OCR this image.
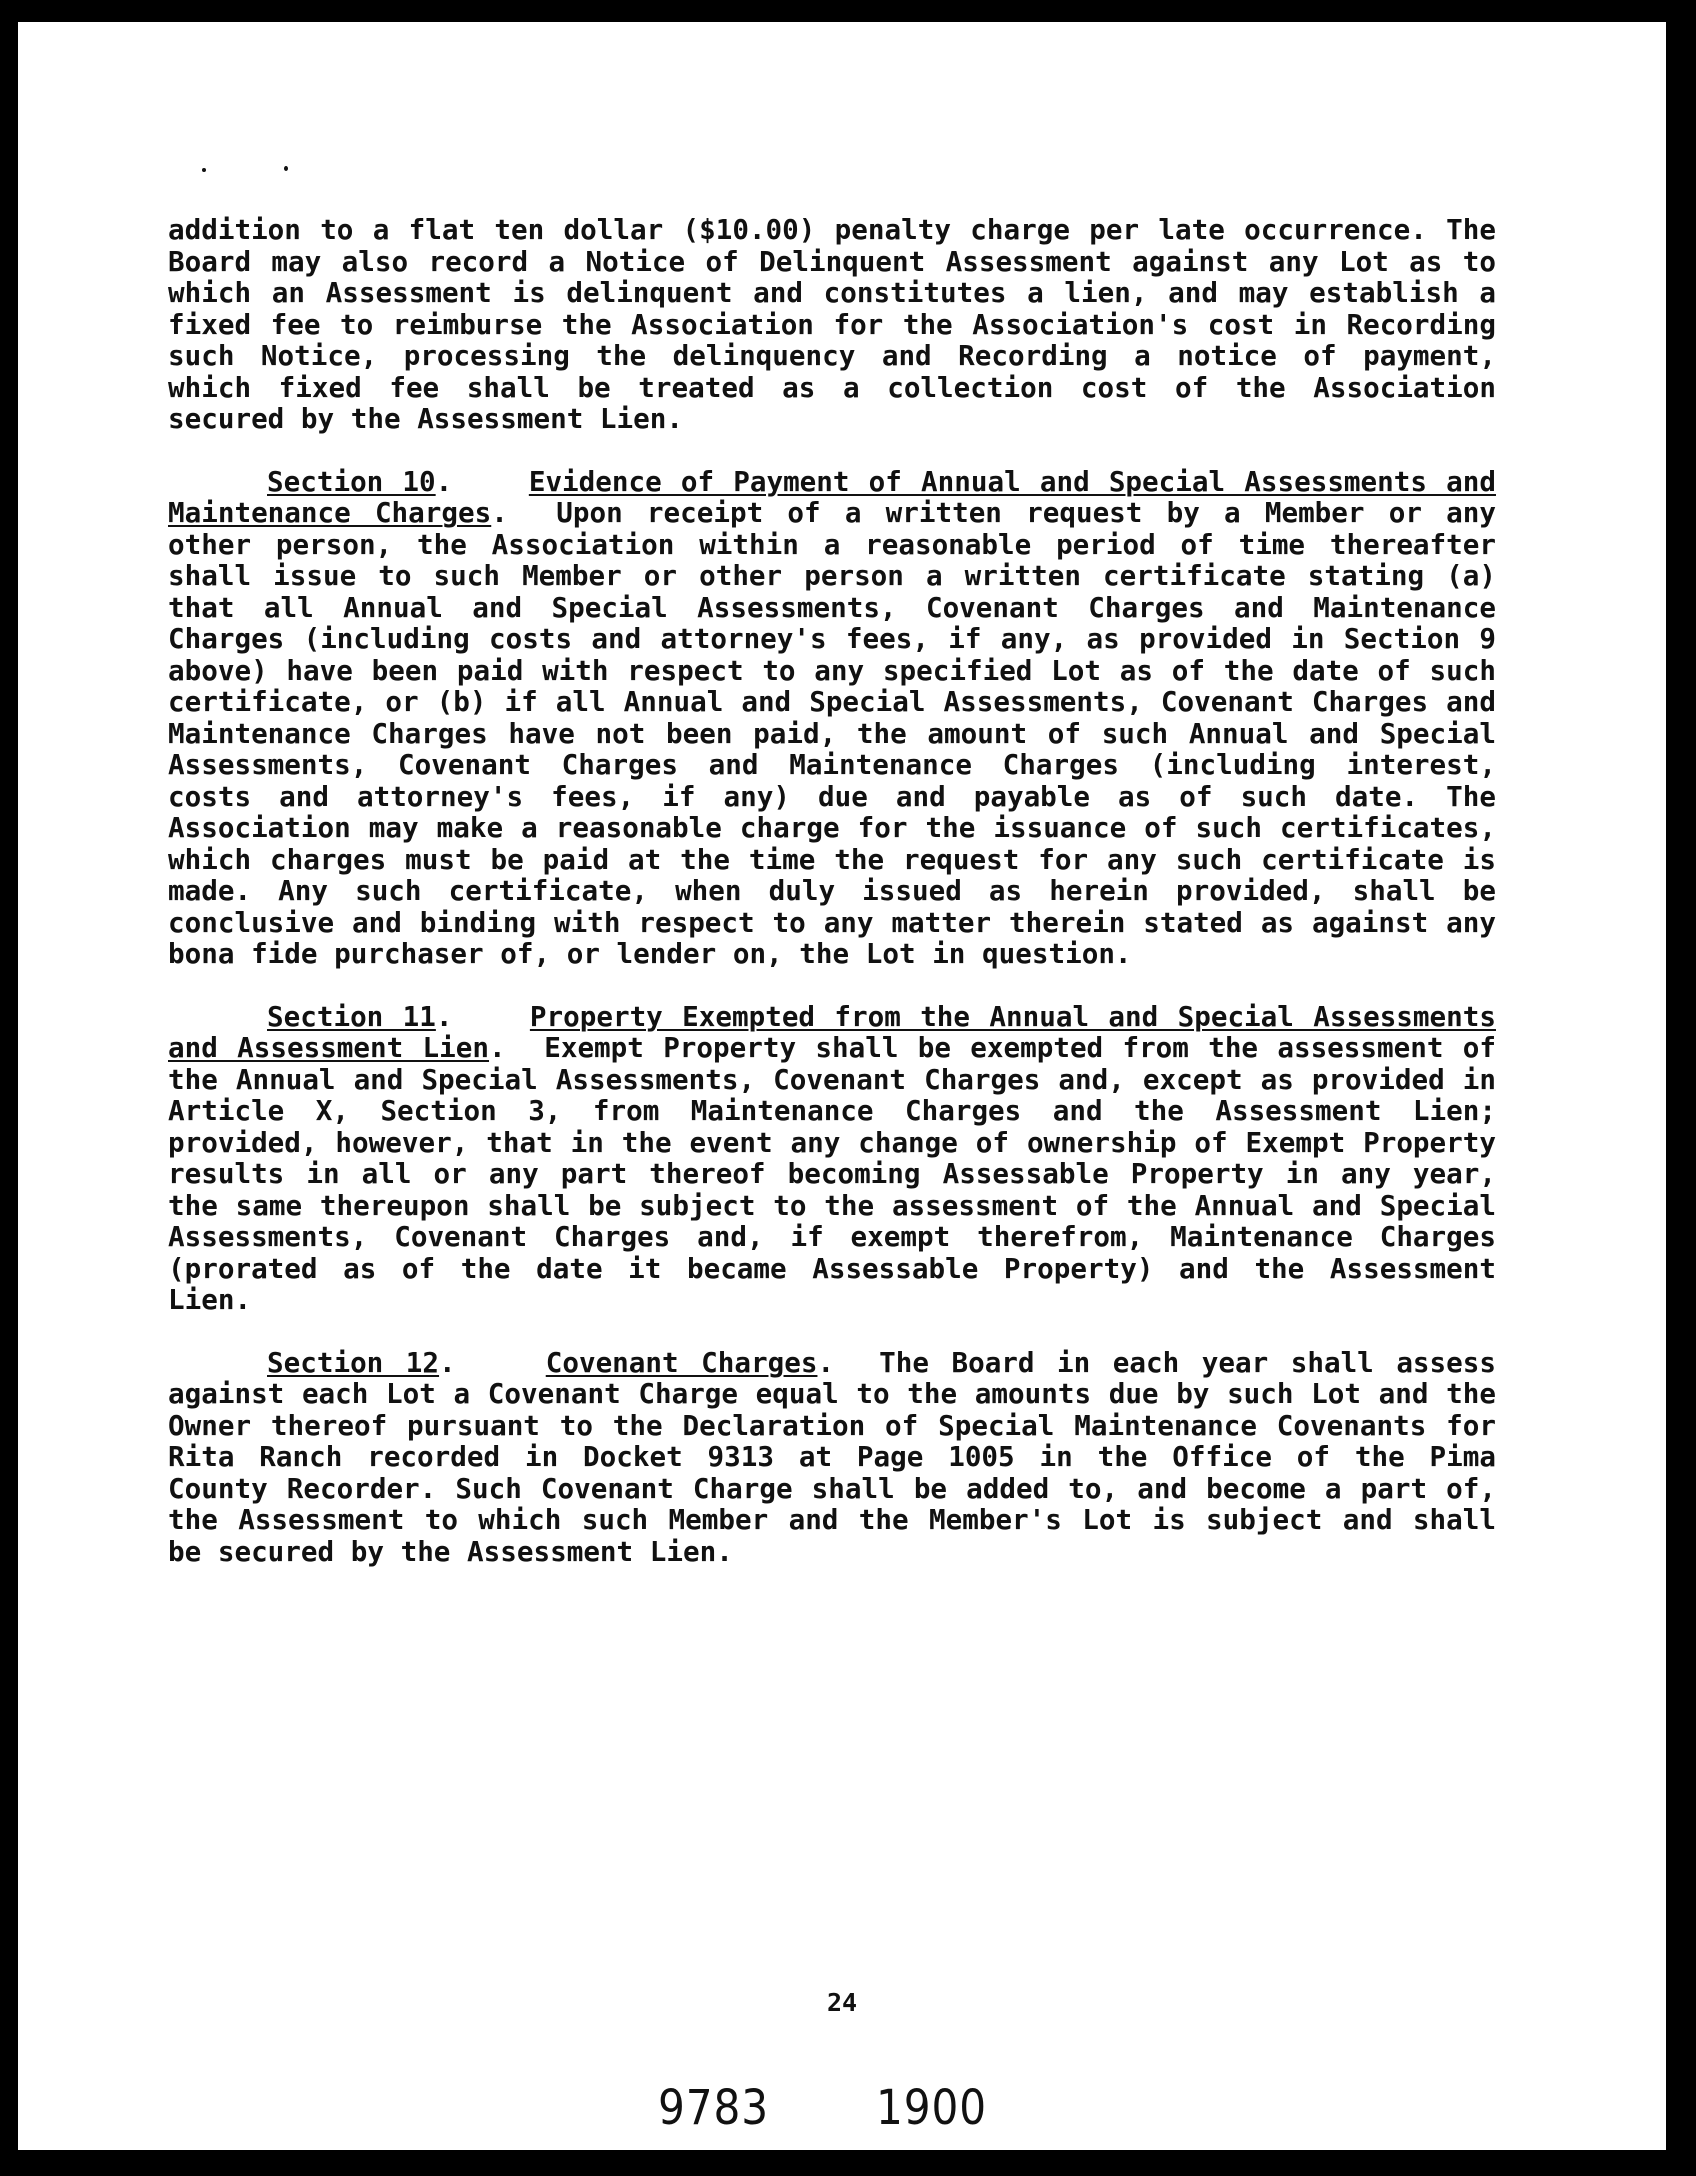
addition to a flat ten dollar ($10.00) penalty charge per late occurrence. The Board may also record a Notice of Delinquent Assessment against any Lot as to which an Assessment is delinquent and constitutes a lien, and may establish a fixed fee to reimburse the Association for the Association's cost in Recording such Notice, processing the delinquency and Recording a notice of payment, which fixed fee shall be treated as a collection cost of the Association secured by the Assessment Lien.

Section 10.    Evidence of Payment of Annual and Special Assessments and Maintenance Charges.  Upon receipt of a written request by a Member or any other person, the Association within a reasonable period of time thereafter shall issue to such Member or other person a written certificate stating (a) that all Annual and Special Assessments, Covenant Charges and Maintenance Charges (including costs and attorney's fees, if any, as provided in Section 9 above) have been paid with respect to any specified Lot as of the date of such certificate, or (b) if all Annual and Special Assessments, Covenant Charges and Maintenance Charges have not been paid, the amount of such Annual and Special Assessments, Covenant Charges and Maintenance Charges (including interest, costs and attorney's fees, if any) due and payable as of such date. The Association may make a reasonable charge for the issuance of such certificates, which charges must be paid at the time the request for any such certificate is made. Any such certificate, when duly issued as herein provided, shall be conclusive and binding with respect to any matter therein stated as against any bona fide purchaser of, or lender on, the Lot in question.

Section 11.    Property Exempted from the Annual and Special Assessments and Assessment Lien.  Exempt Property shall be exempted from the assessment of the Annual and Special Assessments, Covenant Charges and, except as provided in Article X, Section 3, from Maintenance Charges and the Assessment Lien; provided, however, that in the event any change of ownership of Exempt Property results in all or any part thereof becoming Assessable Property in any year, the same thereupon shall be subject to the assessment of the Annual and Special Assessments, Covenant Charges and, if exempt therefrom, Maintenance Charges (prorated as of the date it became Assessable Property) and the Assessment Lien.

Section 12.    Covenant Charges.  The Board in each year shall assess against each Lot a Covenant Charge equal to the amounts due by such Lot and the Owner thereof pursuant to the Declaration of Special Maintenance Covenants for Rita Ranch recorded in Docket 9313 at Page 1005 in the Office of the Pima County Recorder. Such Covenant Charge shall be added to, and become a part of, the Assessment to which such Member and the Member's Lot is subject and shall be secured by the Assessment Lien.

24
9783 1900
